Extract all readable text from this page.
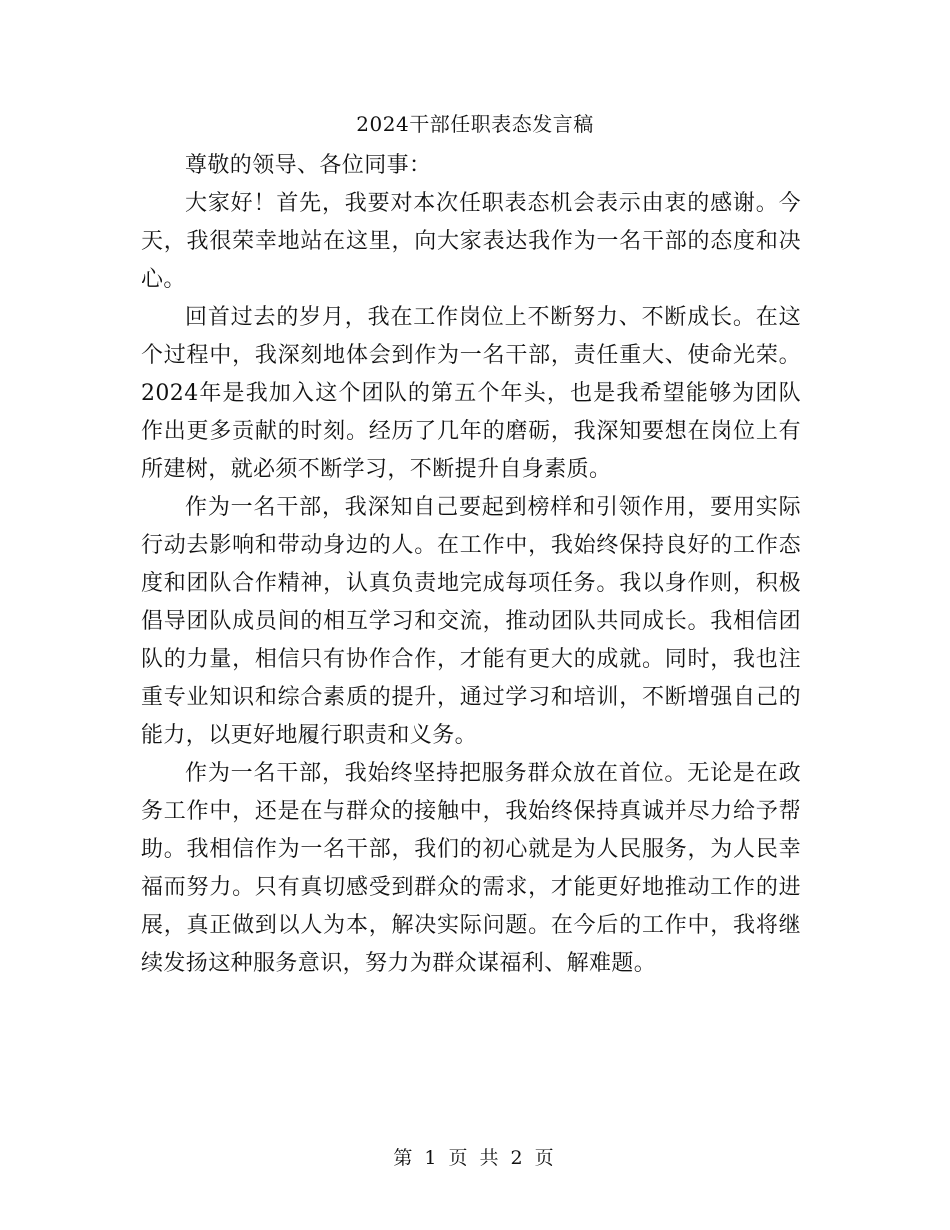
2024干部任职表态发言稿

尊敬的领导、各位同事：

大家好！首先，我要对本次任职表态机会表示由衷的感谢。今天，我很荣幸地站在这里，向大家表达我作为一名干部的态度和决心。

回首过去的岁月，我在工作岗位上不断努力、不断成长。在这个过程中，我深刻地体会到作为一名干部，责任重大、使命光荣。2024年是我加入这个团队的第五个年头，也是我希望能够为团队作出更多贡献的时刻。经历了几年的磨砺，我深知要想在岗位上有所建树，就必须不断学习，不断提升自身素质。

作为一名干部，我深知自己要起到榜样和引领作用，要用实际行动去影响和带动身边的人。在工作中，我始终保持良好的工作态度和团队合作精神，认真负责地完成每项任务。我以身作则，积极倡导团队成员间的相互学习和交流，推动团队共同成长。我相信团队的力量，相信只有协作合作，才能有更大的成就。同时，我也注重专业知识和综合素质的提升，通过学习和培训，不断增强自己的能力，以更好地履行职责和义务。

作为一名干部，我始终坚持把服务群众放在首位。无论是在政务工作中，还是在与群众的接触中，我始终保持真诚并尽力给予帮助。我相信作为一名干部，我们的初心就是为人民服务，为人民幸福而努力。只有真切感受到群众的需求，才能更好地推动工作的进展，真正做到以人为本，解决实际问题。在今后的工作中，我将继续发扬这种服务意识，努力为群众谋福利、解难题。

第 1 页 共 2 页
